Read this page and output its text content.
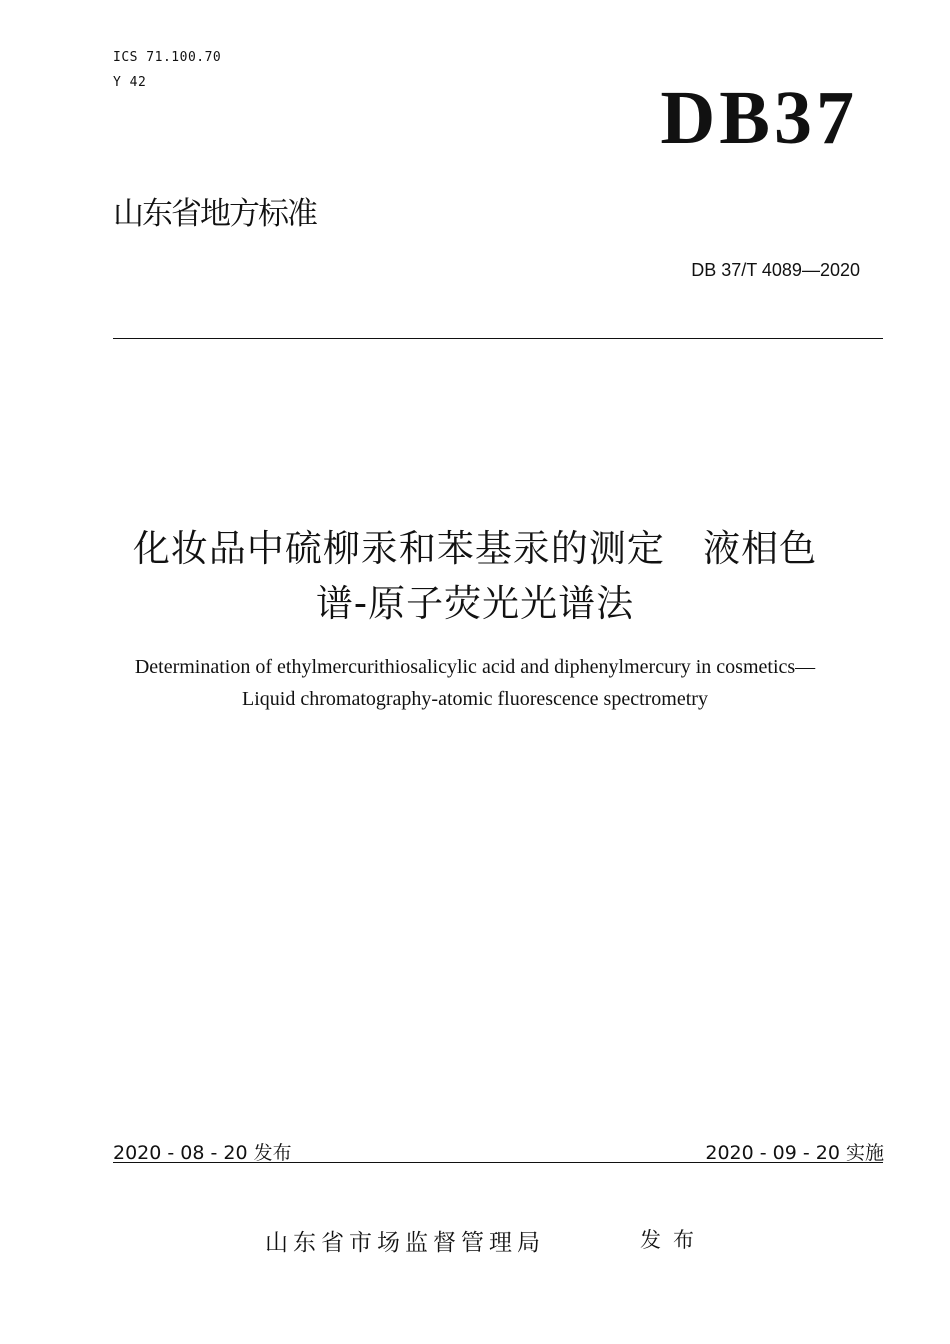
ICS 71.100.70
Y 42	DB37
山东省地方标准
DB 37/T 4089—2020
化妆品中硫柳汞和苯基汞的测定   液相色
谱-原子荧光光谱法
Determination of ethylmercurithiosalicylic acid and diphenylmercury in cosmetics—
Liquid chromatography-atomic fluorescence spectrometry
2020 - 08 - 20 发布	2020 - 09 - 20 实施
山东省市场监督管理局	发布
